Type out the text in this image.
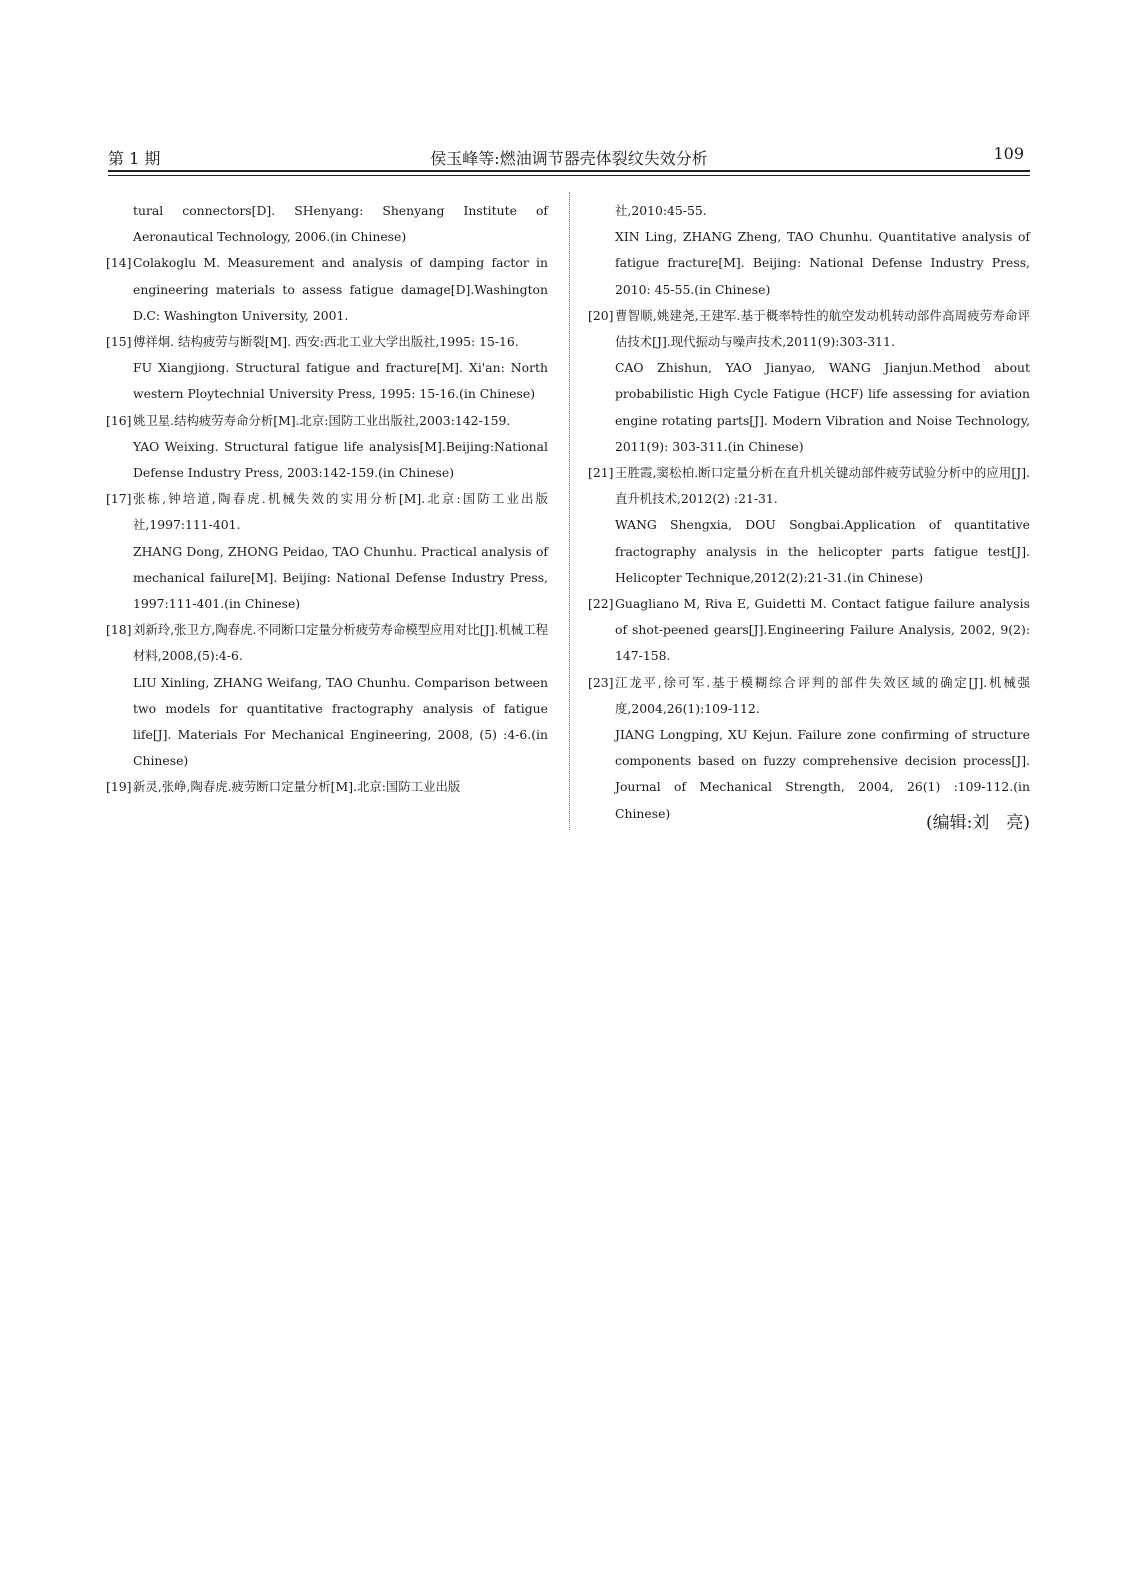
第 1 期	侯玉峰等:燃油调节器壳体裂纹失效分析	109
tural connectors[D]. SHenyang: Shenyang Institute of Aeronautical Technology, 2006.(in Chinese)
[14] Colakoglu M. Measurement and analysis of damping factor in engineering materials to assess fatigue damage[D].Washington D.C: Washington University, 2001.
[15] 傅祥炯. 结构疲劳与断裂[M]. 西安:西北工业大学出版社,1995: 15-16.
FU Xiangjiong. Structural fatigue and fracture[M]. Xi'an: North western Ploytechnial University Press, 1995: 15-16.(in Chinese)
[16] 姚卫星.结构疲劳寿命分析[M].北京:国防工业出版社,2003:142-159.
YAO Weixing. Structural fatigue life analysis[M].Beijing:National Defense Industry Press, 2003:142-159.(in Chinese)
[17] 张栋,钟培道,陶春虎.机械失效的实用分析[M].北京:国防工业出版社,1997:111-401.
ZHANG Dong, ZHONG Peidao, TAO Chunhu. Practical analysis of mechanical failure[M]. Beijing: National Defense Industry Press, 1997:111-401.(in Chinese)
[18] 刘新玲,张卫方,陶春虎.不同断口定量分析疲劳寿命模型应用对比[J].机械工程材料,2008,(5):4-6.
LIU Xinling, ZHANG Weifang, TAO Chunhu. Comparison between two models for quantitative fractography analysis of fatigue life[J]. Materials For Mechanical Engineering, 2008, (5) :4-6.(in Chinese)
[19] 新灵,张峥,陶春虎.疲劳断口定量分析[M].北京:国防工业出版
社,2010:45-55.
XIN Ling, ZHANG Zheng, TAO Chunhu. Quantitative analysis of fatigue fracture[M]. Beijing: National Defense Industry Press, 2010: 45-55.(in Chinese)
[20] 曹智顺,姚建尧,王建军.基于概率特性的航空发动机转动部件高周疲劳寿命评估技术[J].现代振动与噪声技术,2011(9):303-311.
CAO Zhishun, YAO Jianyao, WANG Jianjun.Method about probabilistic High Cycle Fatigue (HCF) life assessing for aviation engine rotating parts[J]. Modern Vibration and Noise Technology, 2011(9): 303-311.(in Chinese)
[21] 王胜霞,窦松柏.断口定量分析在直升机关键动部件疲劳试验分析中的应用[J].直升机技术,2012(2) :21-31.
WANG Shengxia, DOU Songbai.Application of quantitative fractography analysis in the helicopter parts fatigue test[J]. Helicopter Technique,2012(2):21-31.(in Chinese)
[22] Guagliano M, Riva E, Guidetti M. Contact fatigue failure analysis of shot-peened gears[J].Engineering Failure Analysis, 2002, 9(2): 147-158.
[23] 江龙平,徐可军.基于模糊综合评判的部件失效区域的确定[J].机械强度,2004,26(1):109-112.
JIANG Longping, XU Kejun. Failure zone confirming of structure components based on fuzzy comprehensive decision process[J]. Journal of Mechanical Strength, 2004, 26(1) :109-112.(in Chinese)	(编辑:刘　亮)
